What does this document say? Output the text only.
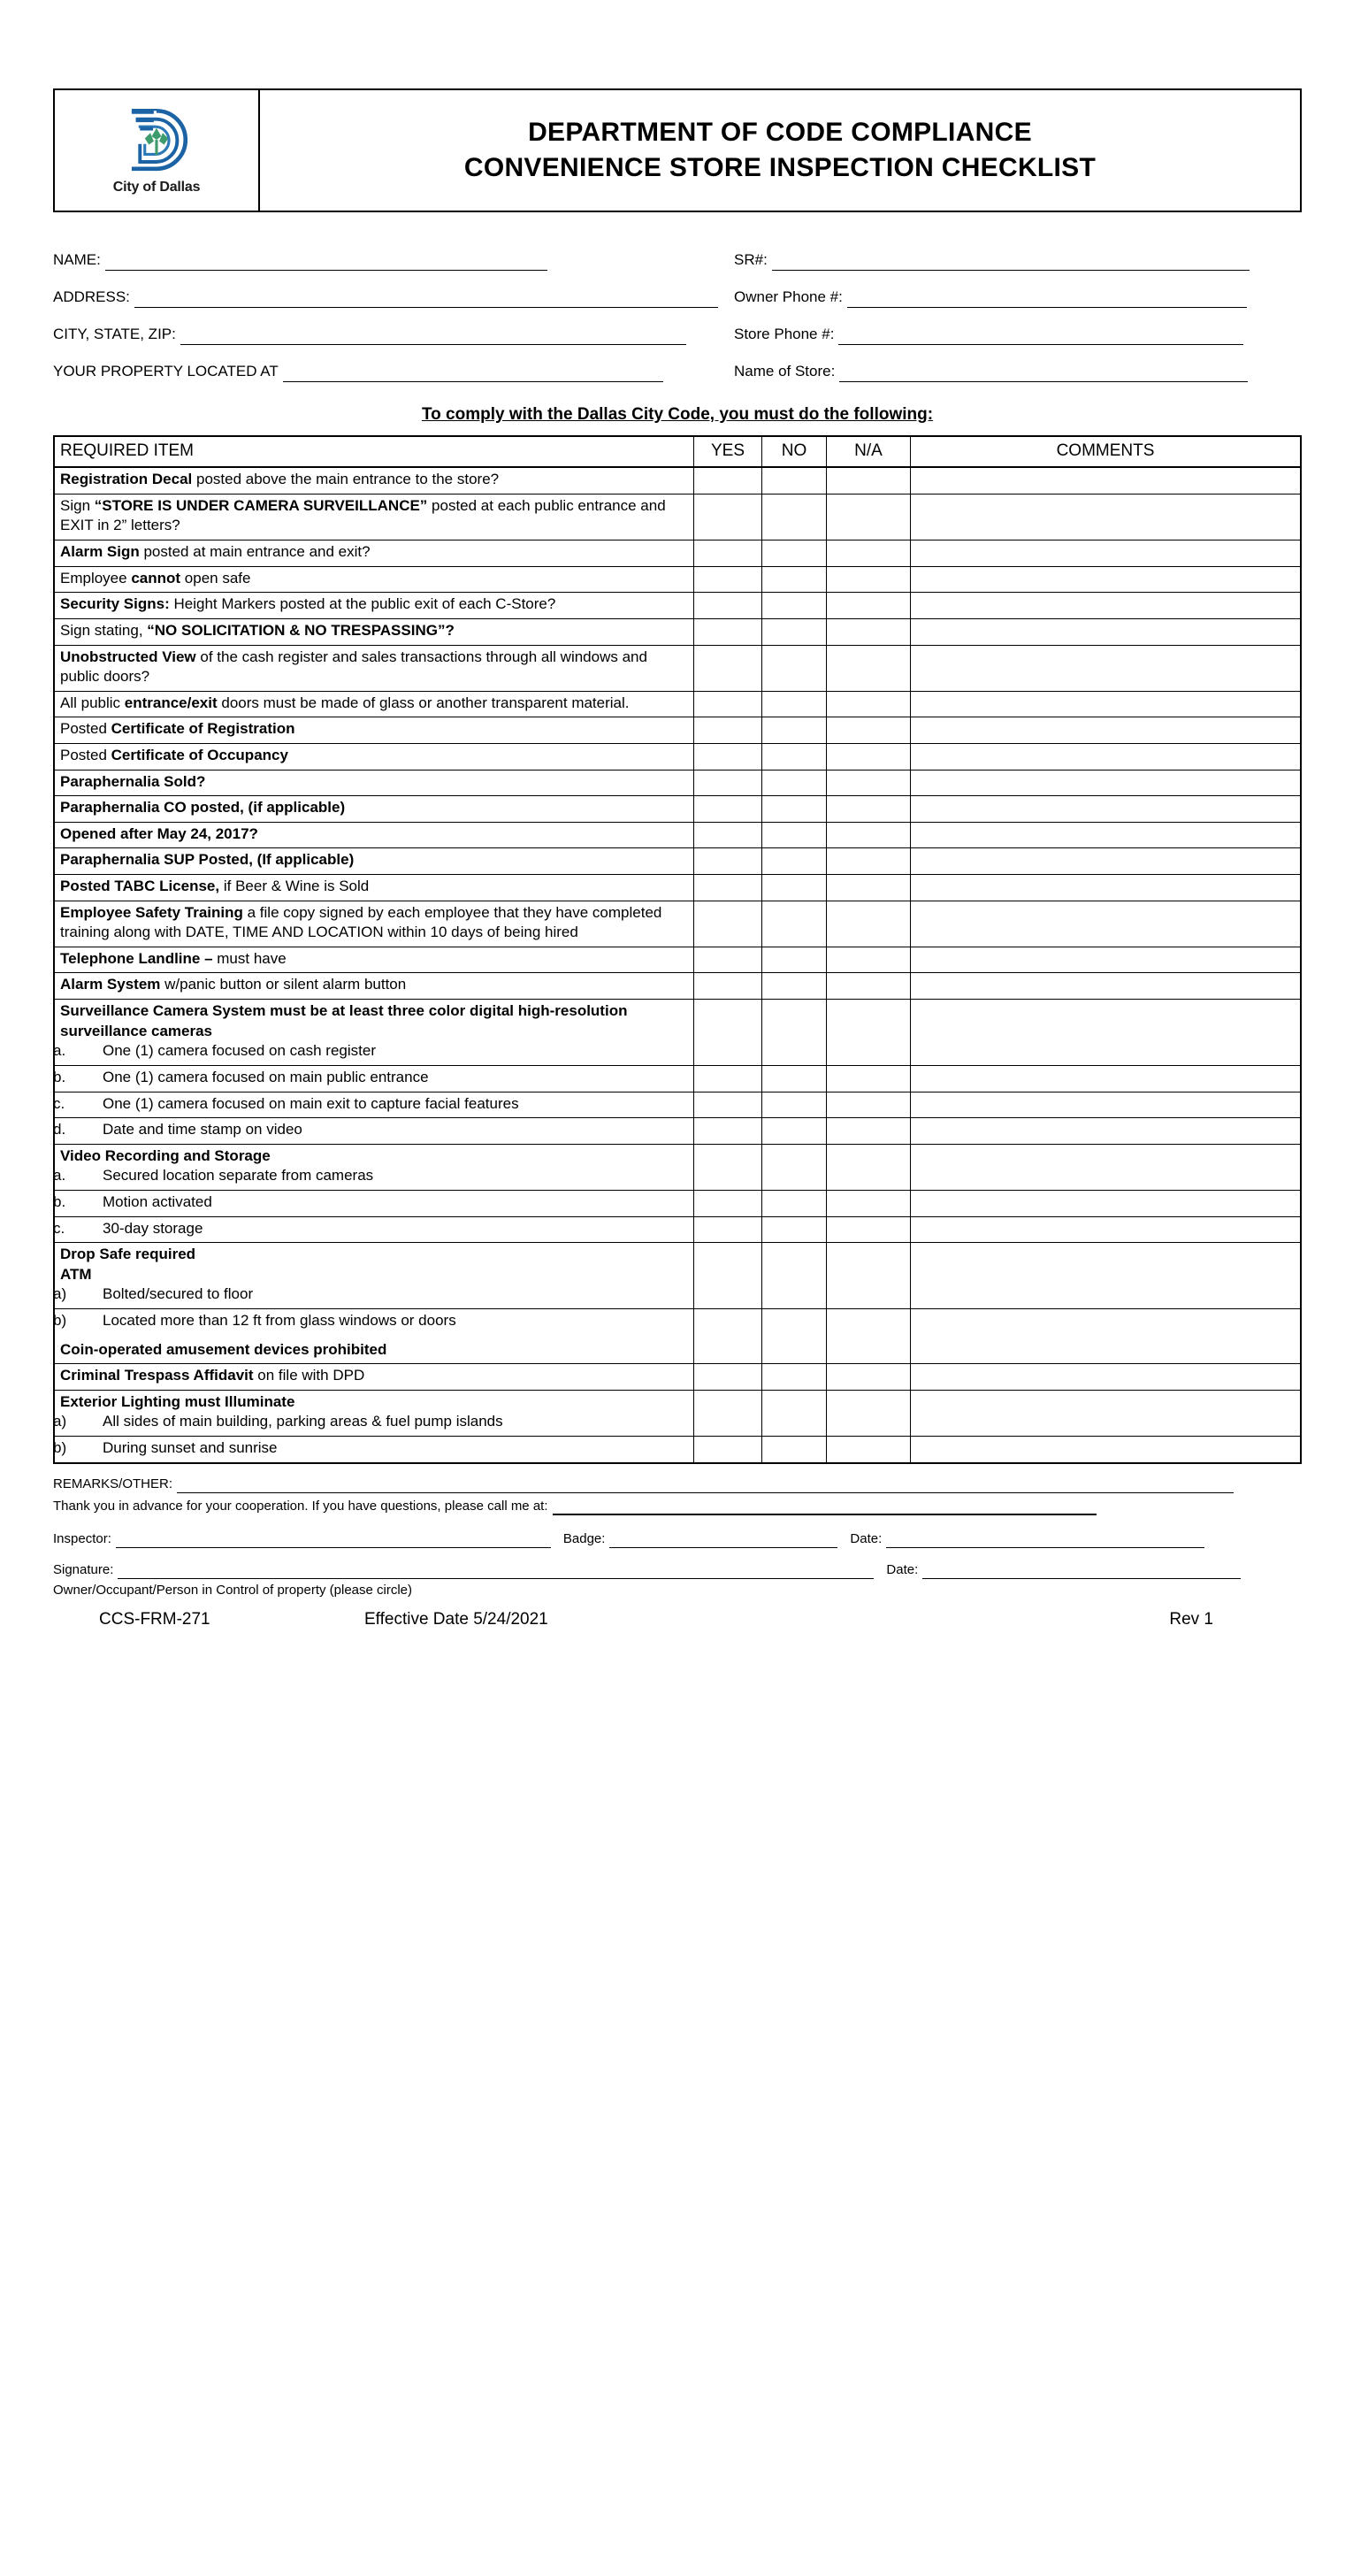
City of Dallas
DEPARTMENT OF CODE COMPLIANCE
CONVENIENCE STORE INSPECTION CHECKLIST
NAME:	SR#:
ADDRESS:	Owner Phone #:
CITY, STATE, ZIP:	Store Phone #:
YOUR PROPERTY LOCATED AT	Name of Store:
To comply with the Dallas City Code, you must do the following:
REQUIRED ITEM	YES	NO	N/A	COMMENTS
Registration Decal posted above the main entrance to the store?				
Sign “STORE IS UNDER CAMERA SURVEILLANCE” posted at each public entrance and EXIT in 2” letters?				
Alarm Sign posted at main entrance and exit?				
Employee cannot open safe				
Security Signs: Height Markers posted at the public exit of each C-Store?				
Sign stating, “NO SOLICITATION & NO TRESPASSING”?				
Unobstructed View of the cash register and sales transactions through all windows and public doors?				
All public entrance/exit doors must be made of glass or another transparent material.				
Posted Certificate of Registration				
Posted Certificate of Occupancy				
Paraphernalia Sold?				
Paraphernalia CO posted, (if applicable)				
Opened after May 24, 2017?				
Paraphernalia SUP Posted, (If applicable)				
Posted TABC License, if Beer & Wine is Sold				
Employee Safety Training a file copy signed by each employee that they have completed training along with DATE, TIME AND LOCATION within 10 days of being hired				
Telephone Landline – must have				
Alarm System w/panic button or silent alarm button				
Surveillance Camera System must be at least three color digital high-resolution surveillance cameras
a. One (1) camera focused on cash register				

b. One (1) camera focused on main public entrance				

c. One (1) camera focused on main exit to capture facial features				

d. Date and time stamp on video				

Video Recording and Storage
a. Secured location separate from cameras				

b. Motion activated				

c. 30-day storage				

Drop Safe required
ATM
a) Bolted/secured to floor				

b) Located more than 12 ft from glass windows or doors
Coin-operated amusement devices prohibited				

Criminal Trespass Affidavit on file with DPD				
Exterior Lighting must Illuminate
a) All sides of main building, parking areas & fuel pump islands				

b) During sunset and sunrise				

REMARKS/OTHER:
Thank you in advance for your cooperation. If you have questions, please call me at:
Inspector:	Badge:	Date:
Signature:	Date:
Owner/Occupant/Person in Control of property (please circle)
CCS-FRM-271	Effective Date 5/24/2021	Rev 1
